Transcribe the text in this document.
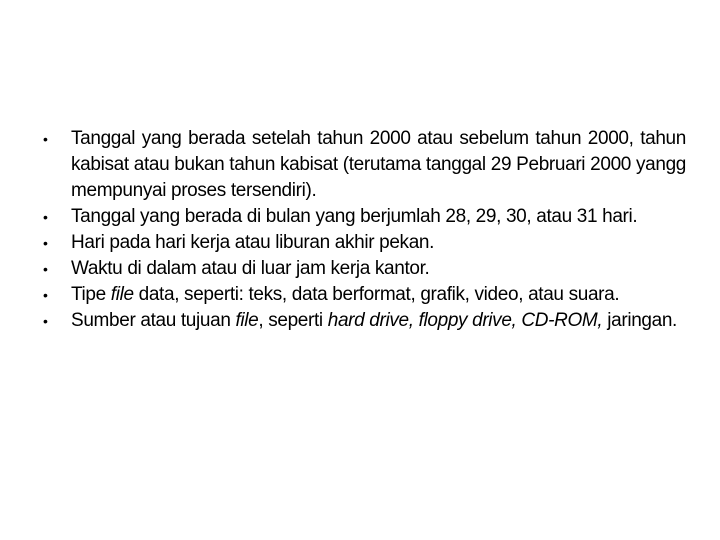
• Tanggal yang berada setelah tahun 2000 atau sebelum tahun 2000, tahun kabisat atau bukan tahun kabisat (terutama tanggal 29 Pebruari 2000 yangg mempunyai proses tersendiri).
• Tanggal yang berada di bulan yang berjumlah 28, 29, 30, atau 31 hari.
• Hari pada hari kerja atau liburan akhir pekan.
• Waktu di dalam atau di luar jam kerja kantor.
• Tipe file data, seperti: teks, data berformat, grafik, video, atau suara.
• Sumber atau tujuan file, seperti hard drive, floppy drive, CD-ROM, jaringan.
